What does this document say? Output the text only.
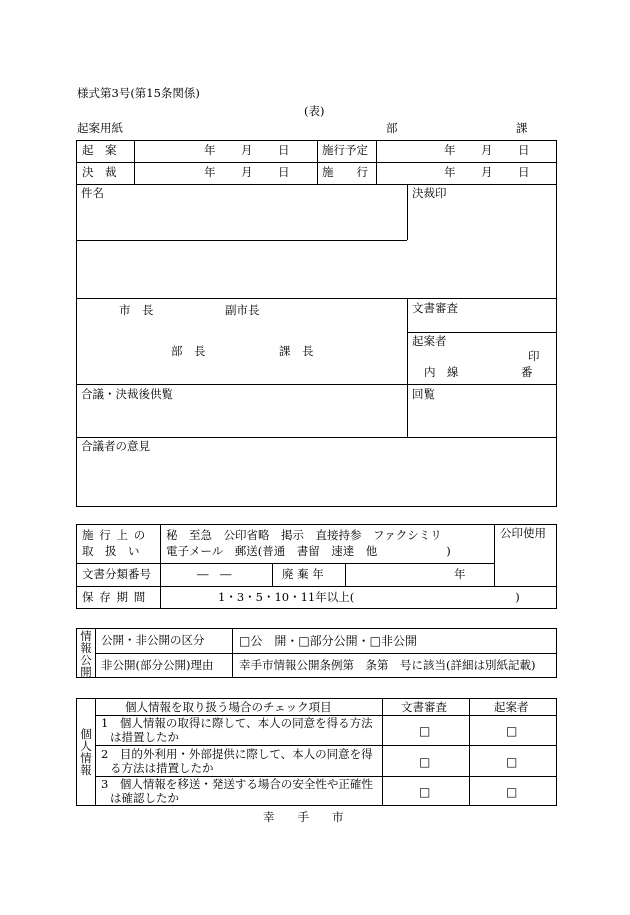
様式第3号(第15条関係)
(表)
起案用紙	部	課
起　案	年 月 日	施行予定	年 月 日
決　裁	年 月 日	施　　行	年 月 日
件名	決裁印
市　長	副市長
部　長	課　長
文書審査
起案者
印
内　線	番
合議・決裁後供覧	回覧
合議者の意見
施行上の
取　扱　い
秘　至急　公印省略　掲示　直接持参　ファクシミリ
電子メール　郵送(普通　書留　速達　他　　　　　　)
公印使用
文書分類番号	―　―	廃 棄 年	年
保存期間	1・3・5・10・11年以上(　　　　　　　　　　　　　　)
情報公開
公開・非公開の区分	□公　開・□部分公開・□非公開
非公開(部分公開)理由 幸手市情報公開条例第　条第　号に該当(詳細は別紙記載)
個人情報
個人情報を取り扱う場合のチェック項目	文書審査	起案者
1　個人情報の取得に際して、本人の同意を得る方法
は措置したか	□	□
2　目的外利用・外部提供に際して、本人の同意を得
る方法は措置したか	□	□
3　個人情報を移送・発送する場合の安全性や正確性
は確認したか	□	□
幸　　手　　市
